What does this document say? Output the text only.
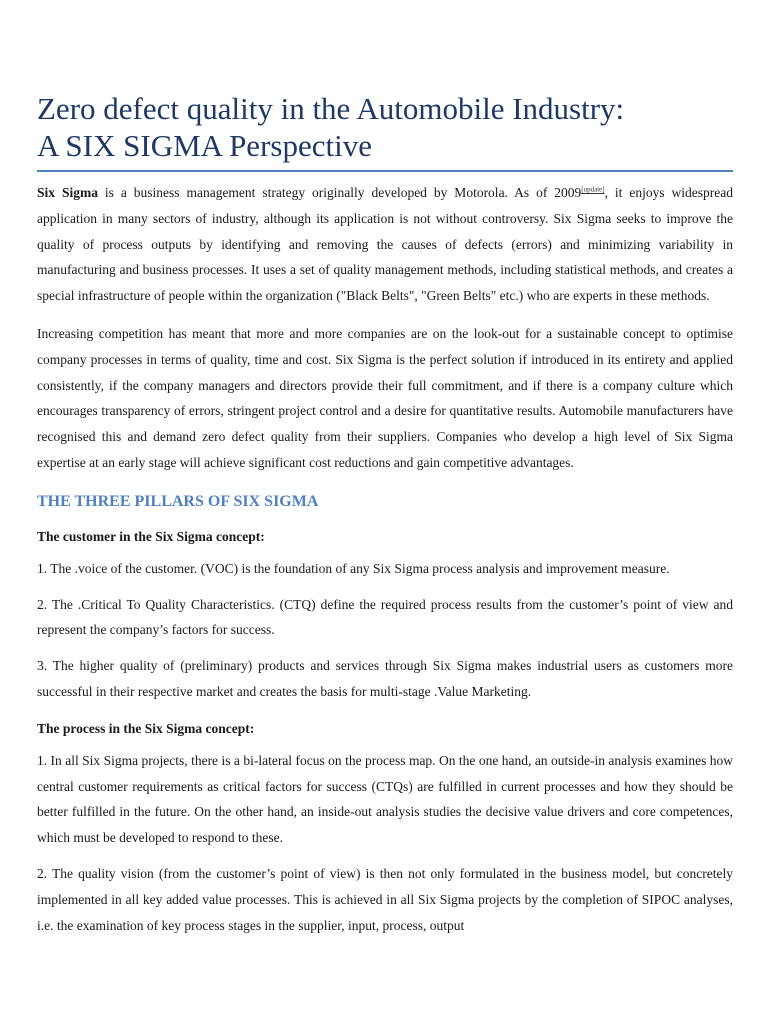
Zero defect quality in the Automobile Industry:
A SIX SIGMA Perspective

Six Sigma is a business management strategy originally developed by Motorola. As of 2009[update], it enjoys widespread application in many sectors of industry, although its application is not without controversy. Six Sigma seeks to improve the quality of process outputs by identifying and removing the causes of defects (errors) and minimizing variability in manufacturing and business processes. It uses a set of quality management methods, including statistical methods, and creates a special infrastructure of people within the organization ("Black Belts", "Green Belts" etc.) who are experts in these methods.

Increasing competition has meant that more and more companies are on the look-out for a sustainable concept to optimise company processes in terms of quality, time and cost. Six Sigma is the perfect solution if introduced in its entirety and applied consistently, if the company managers and directors provide their full commitment, and if there is a company culture which encourages transparency of errors, stringent project control and a desire for quantitative results. Automobile manufacturers have recognised this and demand zero defect quality from their suppliers. Companies who develop a high level of Six Sigma expertise at an early stage will achieve significant cost reductions and gain competitive advantages.

THE THREE PILLARS OF SIX SIGMA
The customer in the Six Sigma concept:

1. The .voice of the customer. (VOC) is the foundation of any Six Sigma process analysis and improvement measure.

2. The .Critical To Quality Characteristics. (CTQ) define the required process results from the customer’s point of view and represent the company’s factors for success.

3. The higher quality of (preliminary) products and services through Six Sigma makes industrial users as customers more successful in their respective market and creates the basis for multi-stage .Value Marketing.

The process in the Six Sigma concept:

1. In all Six Sigma projects, there is a bi-lateral focus on the process map. On the one hand, an outside-in analysis examines how central customer requirements as critical factors for success (CTQs) are fulfilled in current processes and how they should be better fulfilled in the future. On the other hand, an inside-out analysis studies the decisive value drivers and core competences, which must be developed to respond to these.

2. The quality vision (from the customer’s point of view) is then not only formulated in the business model, but concretely implemented in all key added value processes. This is achieved in all Six Sigma projects by the completion of SIPOC analyses, i.e. the examination of key process stages in the supplier, input, process, output
